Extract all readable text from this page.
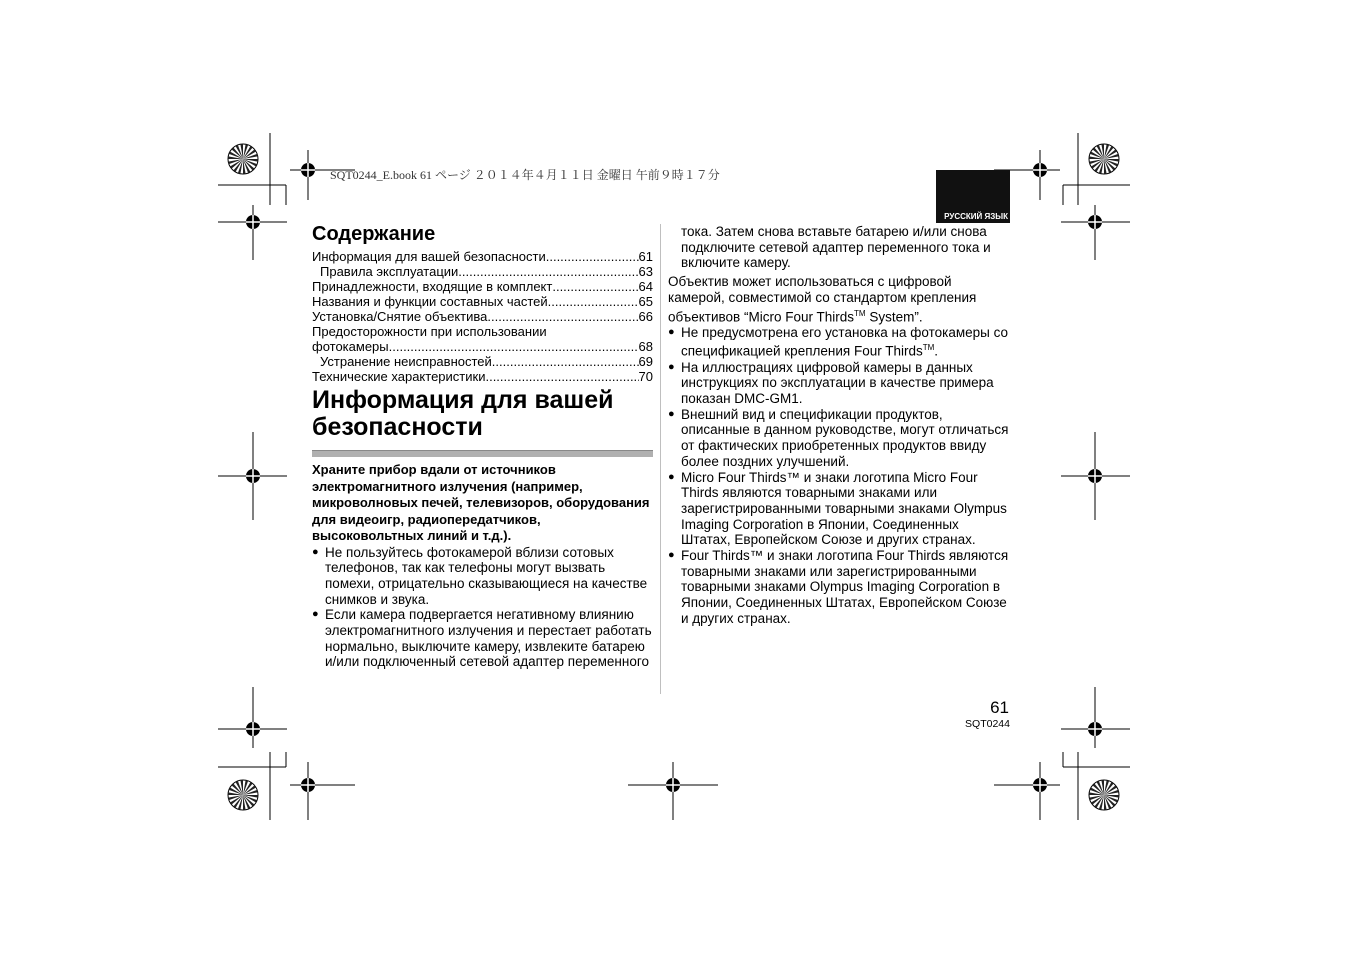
SQT0244_E.book 61 ページ ２０１４年４月１１日 金曜日 午前９時１７分
РУССКИЙ ЯЗЫК
Содержание
Информация для вашей безопасности .....	61
Правила эксплуатации .....	63
Принадлежности, входящие в комплект .....	64
Названия и функции составных частей .....	65
Установка/Снятие объектива .....	66
Предосторожности при использовании
фотокамеры .....	68
Устранение неисправностей .....	69
Технические характеристики .....	70
Информация для вашей
безопасности
Храните прибор вдали от источников электромагнитного излучения (например, микроволновых печей, телевизоров, оборудования для видеоигр, радиопередатчиков, высоковольтных линий и т.д.).
● Не пользуйтесь фотокамерой вблизи сотовых телефонов, так как телефоны могут вызвать помехи, отрицательно сказывающиеся на качестве снимков и звука.
● Если камера подвергается негативному влиянию электромагнитного излучения и перестает работать нормально, выключите камеру, извлеките батарею и/или подключенный сетевой адаптер переменного
тока. Затем снова вставьте батарею и/или снова подключите сетевой адаптер переменного тока и включите камеру.
Объектив может использоваться с цифровой камерой, совместимой со стандартом крепления объективов “Micro Four Thirds™ System”.
● Не предусмотрена его установка на фотокамеры со спецификацией крепления Four Thirds™.
● На иллюстрациях цифровой камеры в данных инструкциях по эксплуатации в качестве примера показан DMC-GM1.
● Внешний вид и спецификации продуктов, описанные в данном руководстве, могут отличаться от фактических приобретенных продуктов ввиду более поздних улучшений.
● Micro Four Thirds™ и знаки логотипа Micro Four Thirds являются товарными знаками или зарегистрированными товарными знаками Olympus Imaging Corporation в Японии, Соединенных Штатах, Европейском Союзе и других странах.
● Four Thirds™ и знаки логотипа Four Thirds являются товарными знаками или зарегистрированными товарными знаками Olympus Imaging Corporation в Японии, Соединенных Штатах, Европейском Союзе и других странах.
61
SQT0244
